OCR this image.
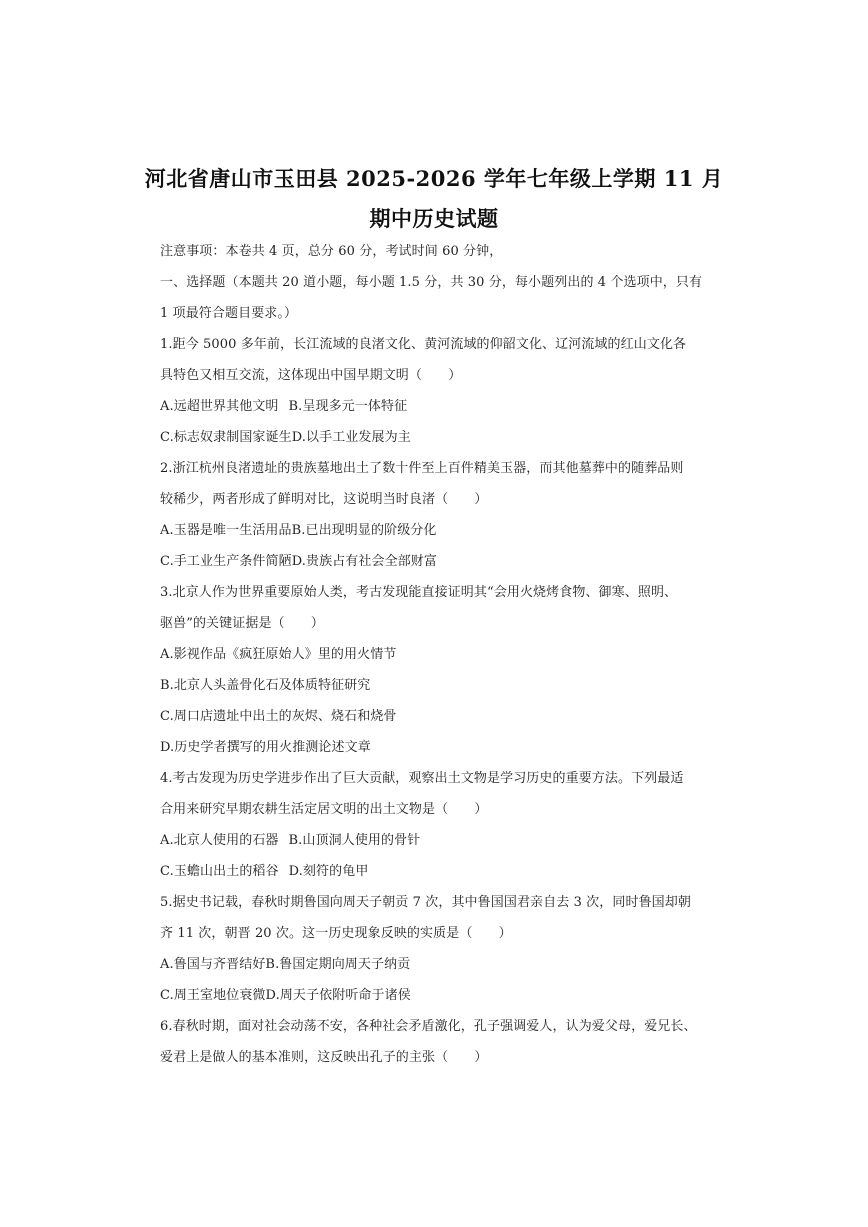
河北省唐山市玉田县 2025-2026 学年七年级上学期 11 月
期中历史试题
注意事项：本卷共 4 页，总分 60 分，考试时间 60 分钟，
一、选择题（本题共 20 道小题，每小题 1.5 分，共 30 分，每小题列出的 4 个选项中，只有
1 项最符合题目要求。）
1.距今 5000 多年前，长江流域的良渚文化、黄河流域的仰韶文化、辽河流域的红山文化各
具特色又相互交流，这体现出中国早期文明（　　）
A.远超世界其他文明 B.呈现多元一体特征
C.标志奴隶制国家诞生D.以手工业发展为主
2.浙江杭州良渚遗址的贵族墓地出土了数十件至上百件精美玉器，而其他墓葬中的随葬品则
较稀少，两者形成了鲜明对比，这说明当时良渚（　　）
A.玉器是唯一生活用品B.已出现明显的阶级分化
C.手工业生产条件简陋D.贵族占有社会全部财富
3.北京人作为世界重要原始人类，考古发现能直接证明其“会用火烧烤食物、御寒、照明、
驱兽”的关键证据是（　　）
A.影视作品《疯狂原始人》里的用火情节
B.北京人头盖骨化石及体质特征研究
C.周口店遗址中出土的灰烬、烧石和烧骨
D.历史学者撰写的用火推测论述文章
4.考古发现为历史学进步作出了巨大贡献，观察出土文物是学习历史的重要方法。下列最适
合用来研究早期农耕生活定居文明的出土文物是（　　）
A.北京人使用的石器 B.山顶洞人使用的骨针
C.玉蟾山出土的稻谷 D.刻符的龟甲
5.据史书记载，春秋时期鲁国向周天子朝贡 7 次，其中鲁国国君亲自去 3 次，同时鲁国却朝
齐 11 次，朝晋 20 次。这一历史现象反映的实质是（　　）
A.鲁国与齐晋结好B.鲁国定期向周天子纳贡
C.周王室地位衰微D.周天子依附听命于诸侯
6.春秋时期，面对社会动荡不安，各种社会矛盾激化，孔子强调爱人，认为爱父母，爱兄长、
爱君上是做人的基本准则，这反映出孔子的主张（　　）
